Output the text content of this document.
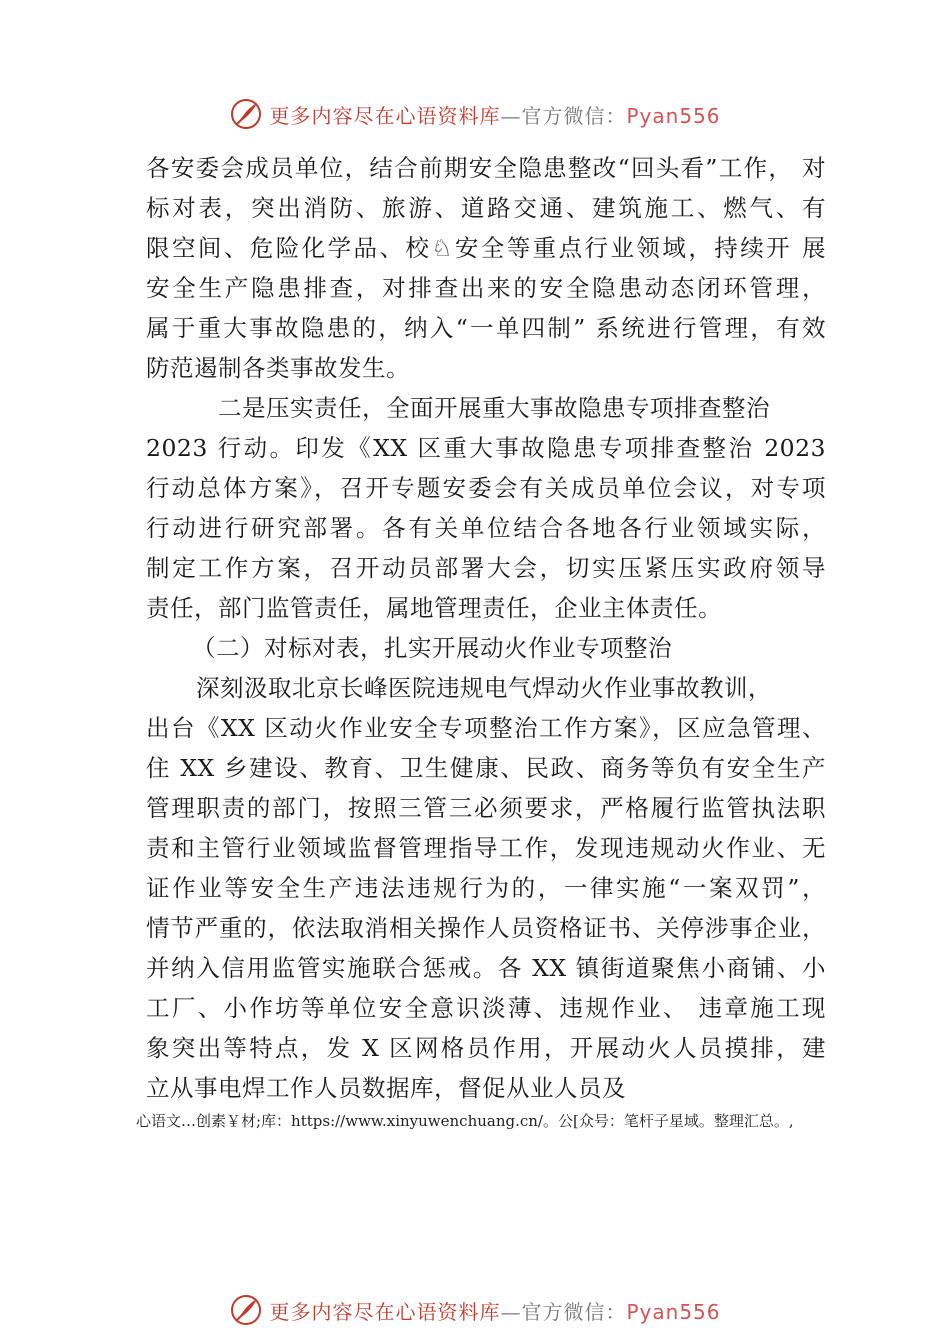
更多内容尽在心语资料库—官方微信：Pyan556
各安委会成员单位，结合前期安全隐患整改“回头看”工作， 对
标对表，突出消防、旅游、道路交通、建筑施工、燃气、有
限空间、危险化学品、校♘安全等重点行业领域，持续开 展
安全生产隐患排查，对排查出来的安全隐患动态闭环管理，
属于重大事故隐患的，纳入“一单四制” 系统进行管理，有效
防范遏制各类事故发生。
二是压实责任，全面开展重大事故隐患专项排查整治
2023 行动。印发《XX 区重大事故隐患专项排查整治 2023
行动总体方案》，召开专题安委会有关成员单位会议，对专项
行动进行研究部署。各有关单位结合各地各行业领域实际，
制定工作方案，召开动员部署大会，切实压紧压实政府领导
责任，部门监管责任，属地管理责任，企业主体责任。
（二）对标对表，扎实开展动火作业专项整治
深刻汲取北京长峰医院违规电气焊动火作业事故教训，
出台《XX 区动火作业安全专项整治工作方案》，区应急管理、
住 XX 乡建设、教育、卫生健康、民政、商务等负有安全生产
管理职责的部门，按照三管三必须要求，严格履行监管执法职
责和主管行业领域监督管理指导工作，发现违规动火作业、无
证作业等安全生产违法违规行为的，一律实施“一案双罚”，
情节严重的，依法取消相关操作人员资格证书、关停涉事企业，
并纳入信用监管实施联合惩戒。各 XX 镇街道聚焦小商铺、小
工厂、小作坊等单位安全意识淡薄、违规作业、 违章施工现
象突出等特点，发 X 区网格员作用，开展动火人员摸排，建
立从事电焊工作人员数据库，督促从业人员及
心语文…创素￥材;库：https://www.xinyuwenchuang.cn/。公[众号：笔杆子星域。整理汇总。,
更多内容尽在心语资料库—官方微信：Pyan556
